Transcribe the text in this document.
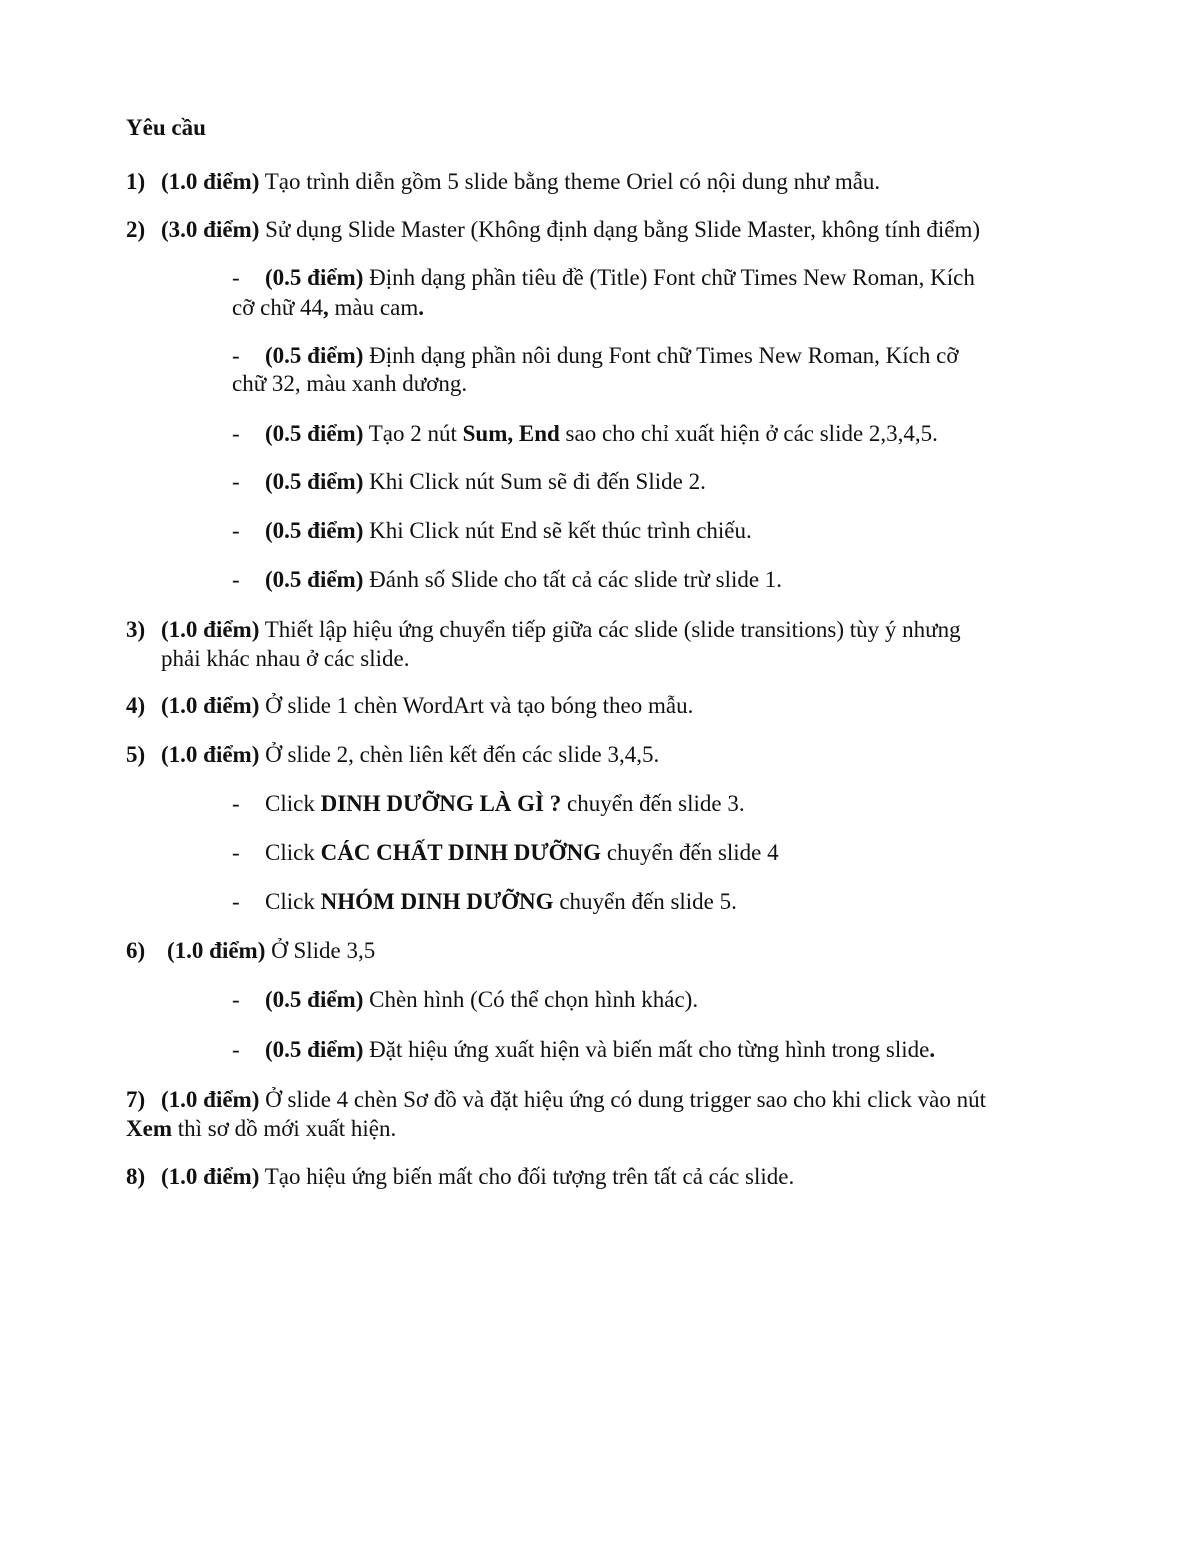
Yêu cầu
1) (1.0 điểm) Tạo trình diễn gồm 5 slide bằng theme Oriel có nội dung như mẫu.
2) (3.0 điểm) Sử dụng Slide Master (Không định dạng bằng Slide Master, không tính điểm)
- (0.5 điểm) Định dạng phần tiêu đề (Title) Font chữ Times New Roman, Kích
cỡ chữ 44, màu cam.
- (0.5 điểm) Định dạng phần nôi dung Font chữ Times New Roman, Kích cỡ
chữ 32, màu xanh dương.
- (0.5 điểm) Tạo 2 nút Sum, End sao cho chỉ xuất hiện ở các slide 2,3,4,5.
- (0.5 điểm) Khi Click nút Sum sẽ đi đến Slide 2.
- (0.5 điểm) Khi Click nút End sẽ kết thúc trình chiếu.
- (0.5 điểm) Đánh số Slide cho tất cả các slide trừ slide 1.
3) (1.0 điểm) Thiết lập hiệu ứng chuyển tiếp giữa các slide (slide transitions) tùy ý nhưng
phải khác nhau ở các slide.
4) (1.0 điểm) Ở slide 1 chèn WordArt và tạo bóng theo mẫu.
5) (1.0 điểm) Ở slide 2, chèn liên kết đến các slide 3,4,5.
- Click DINH DƯỠNG LÀ GÌ ? chuyển đến slide 3.
- Click CÁC CHẤT DINH DƯỠNG chuyển đến slide 4
- Click NHÓM DINH DƯỠNG chuyển đến slide 5.
6) (1.0 điểm) Ở Slide 3,5
- (0.5 điểm) Chèn hình (Có thể chọn hình khác).
- (0.5 điểm) Đặt hiệu ứng xuất hiện và biến mất cho từng hình trong slide.
7) (1.0 điểm) Ở slide 4 chèn Sơ đồ và đặt hiệu ứng có dung trigger sao cho khi click vào nút
Xem thì sơ dồ mới xuất hiện.
8) (1.0 điểm) Tạo hiệu ứng biến mất cho đối tượng trên tất cả các slide.
